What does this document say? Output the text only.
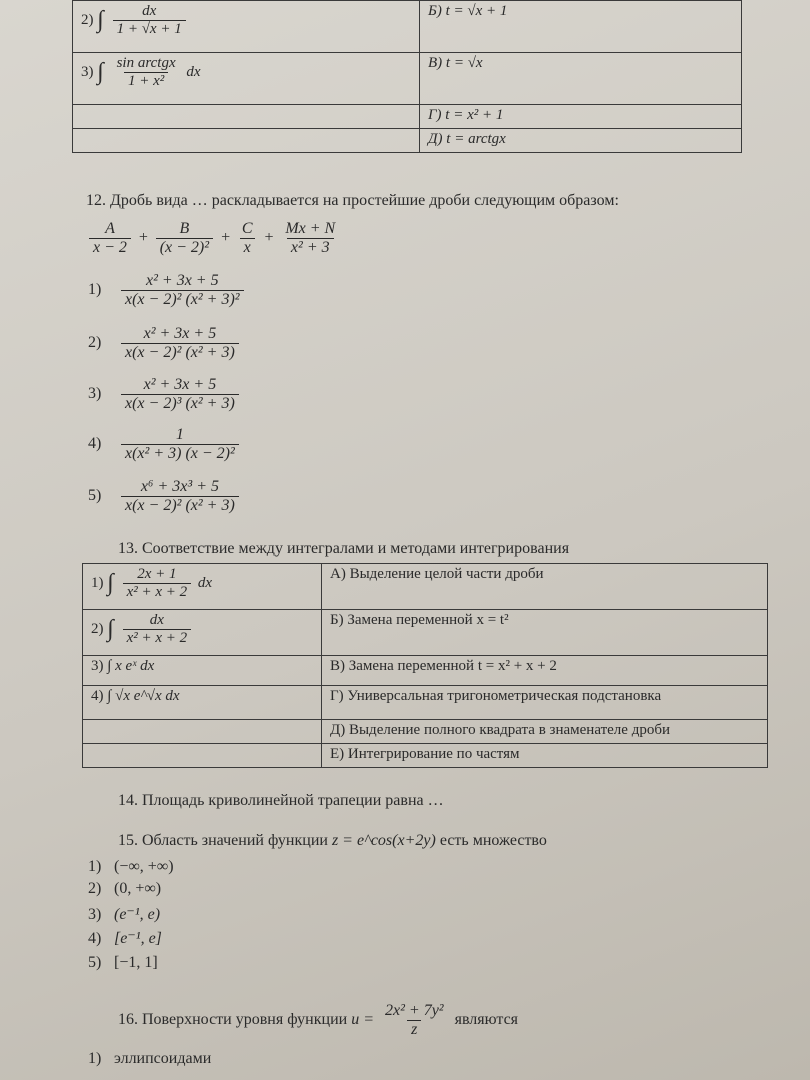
2) ∫ $\frac{dx}{1 + √x + 1}$	Б) t = √x + 1
3) ∫ $\frac{\text{sin arctgx}}{\text{1 + x²}}$ dx	В) t = √x
	Г) t = x² + 1
	Д) t = arctgx
12. Дробь вида … раскладывается на простейшие дроби следующим образом:
$\frac{A}{x - 2} + \frac{B}{\text{(x − 2)²}} + \frac{C}{x} + \frac{Mx + N}{\text{x² + 3}}$
$1) \frac{\text{x² + 3x + 5}}{\text{x(x − 2)² (x² + 3)²}}$
$2) \frac{\text{x² + 3x + 5}}{\text{x(x − 2)² (x² + 3)}}$
$3) \frac{\text{x² + 3x + 5}}{\text{x(x − 2)³ (x² + 3)}}$
$4) \frac{1}{\text{x(x² + 3) (x − 2)²}}$
$5) \frac{\text{x⁶ + 3x³ + 5}}{\text{x(x − 2)² (x² + 3)}}$
13. Соответствие между интегралами и методами интегрирования
1) ∫ $\frac{2x + 1}{\text{x² + x + 2}}$ dx	А) Выделение целой части дроби
2) ∫ $\frac{dx}{\text{x² + x + 2}}$	Б) Замена переменной x = t²
3) ∫ x eˣ dx	В) Замена переменной t = x² + x + 2
4) ∫ √x e^√x dx	Г) Универсальная тригонометрическая подстановка
	Д) Выделение полного квадрата в знаменателе дроби
	Е) Интегрирование по частям
14. Площадь криволинейной трапеции равна …
15. Область значений функции z = e^cos(x+2y) есть множество
1) (−∞, +∞)
2) (0, +∞)
3) (e⁻¹, e)
4) [e⁻¹, e]
5) [−1, 1]
16. Поверхности уровня функции $u = \frac{\text{2x² + 7y²}}{z}$ являются
1) эллипсоидами
